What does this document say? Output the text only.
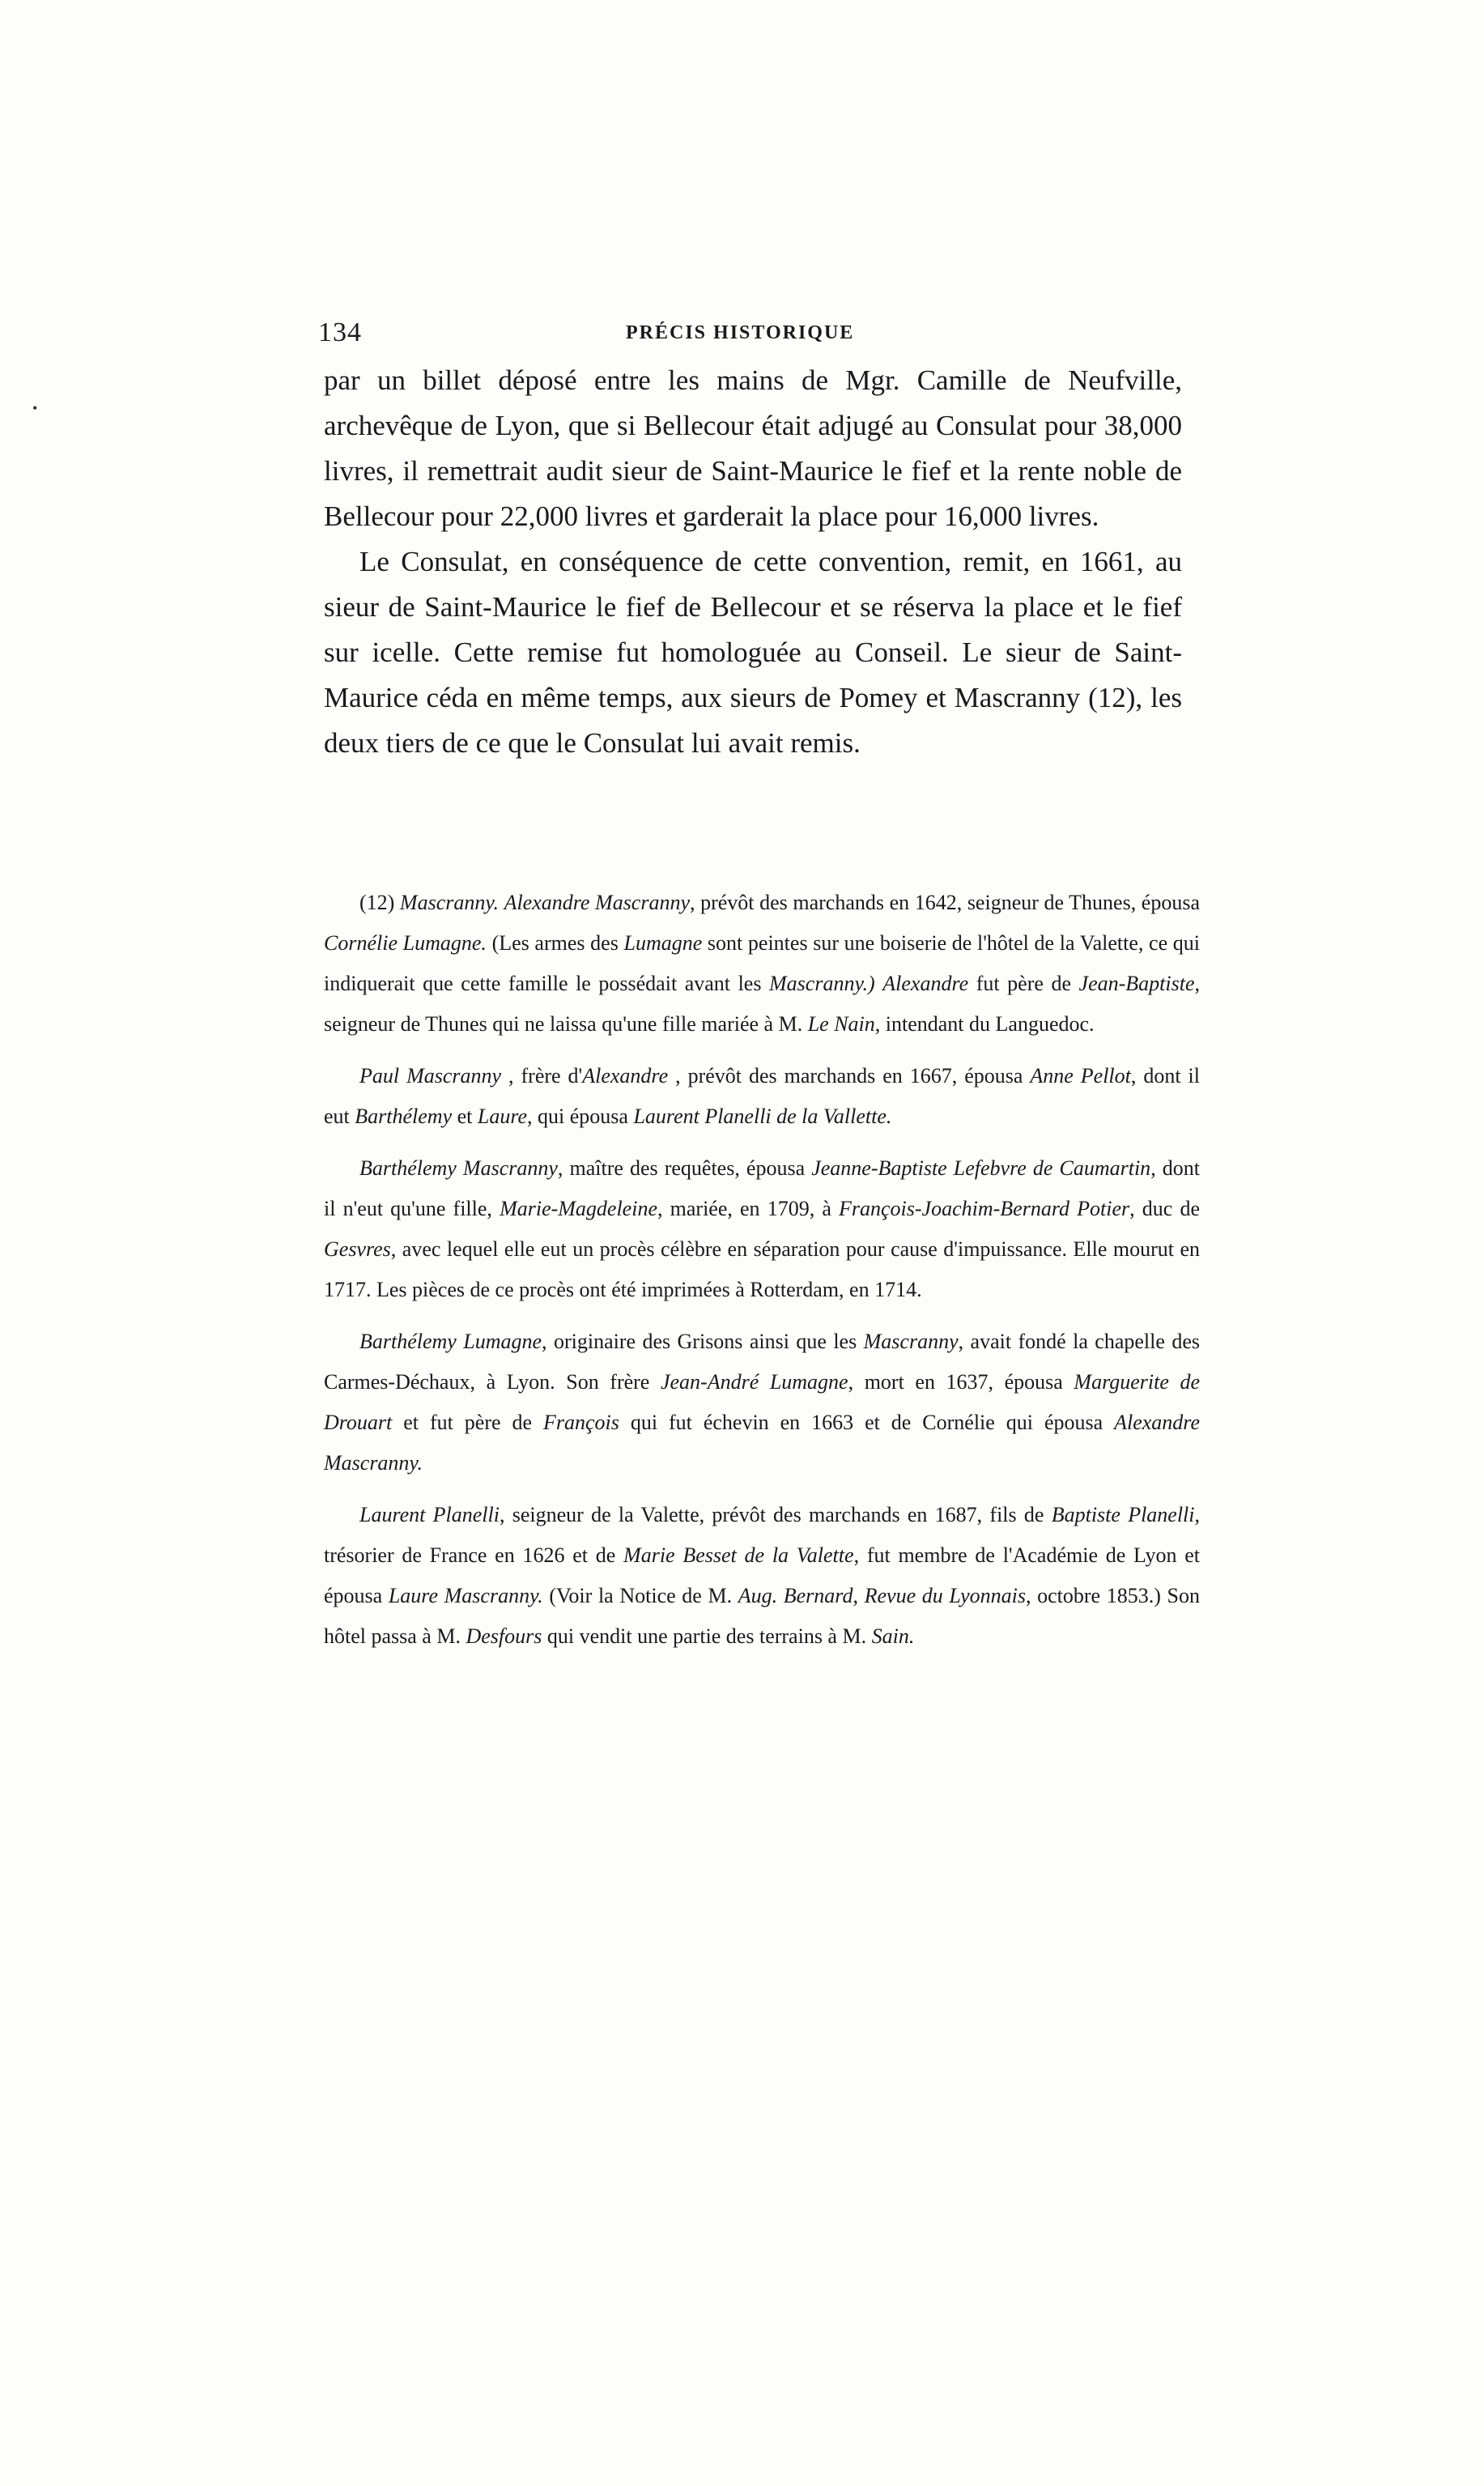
•
134	PRÉCIS HISTORIQUE

par un billet déposé entre les mains de Mgr. Camille de Neufville, archevêque de Lyon, que si Bellecour était adjugé au Consulat pour 38,000 livres, il remettrait audit sieur de Saint-Maurice le fief et la rente noble de Bellecour pour 22,000 livres et garderait la place pour 16,000 livres.

Le Consulat, en conséquence de cette convention, remit, en 1661, au sieur de Saint-Maurice le fief de Bellecour et se réserva la place et le fief sur icelle. Cette remise fut homologuée au Conseil. Le sieur de Saint-Maurice céda en même temps, aux sieurs de Pomey et Mascranny (12), les deux tiers de ce que le Consulat lui avait remis.

(12) Mascranny. Alexandre Mascranny, prévôt des marchands en 1642, seigneur de Thunes, épousa Cornélie Lumagne. (Les armes des Lumagne sont peintes sur une boiserie de l'hôtel de la Valette, ce qui indiquerait que cette famille le possédait avant les Mascranny.) Alexandre fut père de Jean-Baptiste, seigneur de Thunes qui ne laissa qu'une fille mariée à M. Le Nain, intendant du Languedoc.

Paul Mascranny , frère d'Alexandre , prévôt des marchands en 1667, épousa Anne Pellot, dont il eut Barthélemy et Laure, qui épousa Laurent Planelli de la Vallette.

Barthélemy Mascranny, maître des requêtes, épousa Jeanne-Baptiste Lefebvre de Caumartin, dont il n'eut qu'une fille, Marie-Magdeleine, mariée, en 1709, à François-Joachim-Bernard Potier, duc de Gesvres, avec lequel elle eut un procès célèbre en séparation pour cause d'impuissance. Elle mourut en 1717. Les pièces de ce procès ont été imprimées à Rotterdam, en 1714.

Barthélemy Lumagne, originaire des Grisons ainsi que les Mascranny, avait fondé la chapelle des Carmes-Déchaux, à Lyon. Son frère Jean-André Lumagne, mort en 1637, épousa Marguerite de Drouart et fut père de François qui fut échevin en 1663 et de Cornélie qui épousa Alexandre Mascranny.

Laurent Planelli, seigneur de la Valette, prévôt des marchands en 1687, fils de Baptiste Planelli, trésorier de France en 1626 et de Marie Besset de la Valette, fut membre de l'Académie de Lyon et épousa Laure Mascranny. (Voir la Notice de M. Aug. Bernard, Revue du Lyonnais, octobre 1853.) Son hôtel passa à M. Desfours qui vendit une partie des terrains à M. Sain.
